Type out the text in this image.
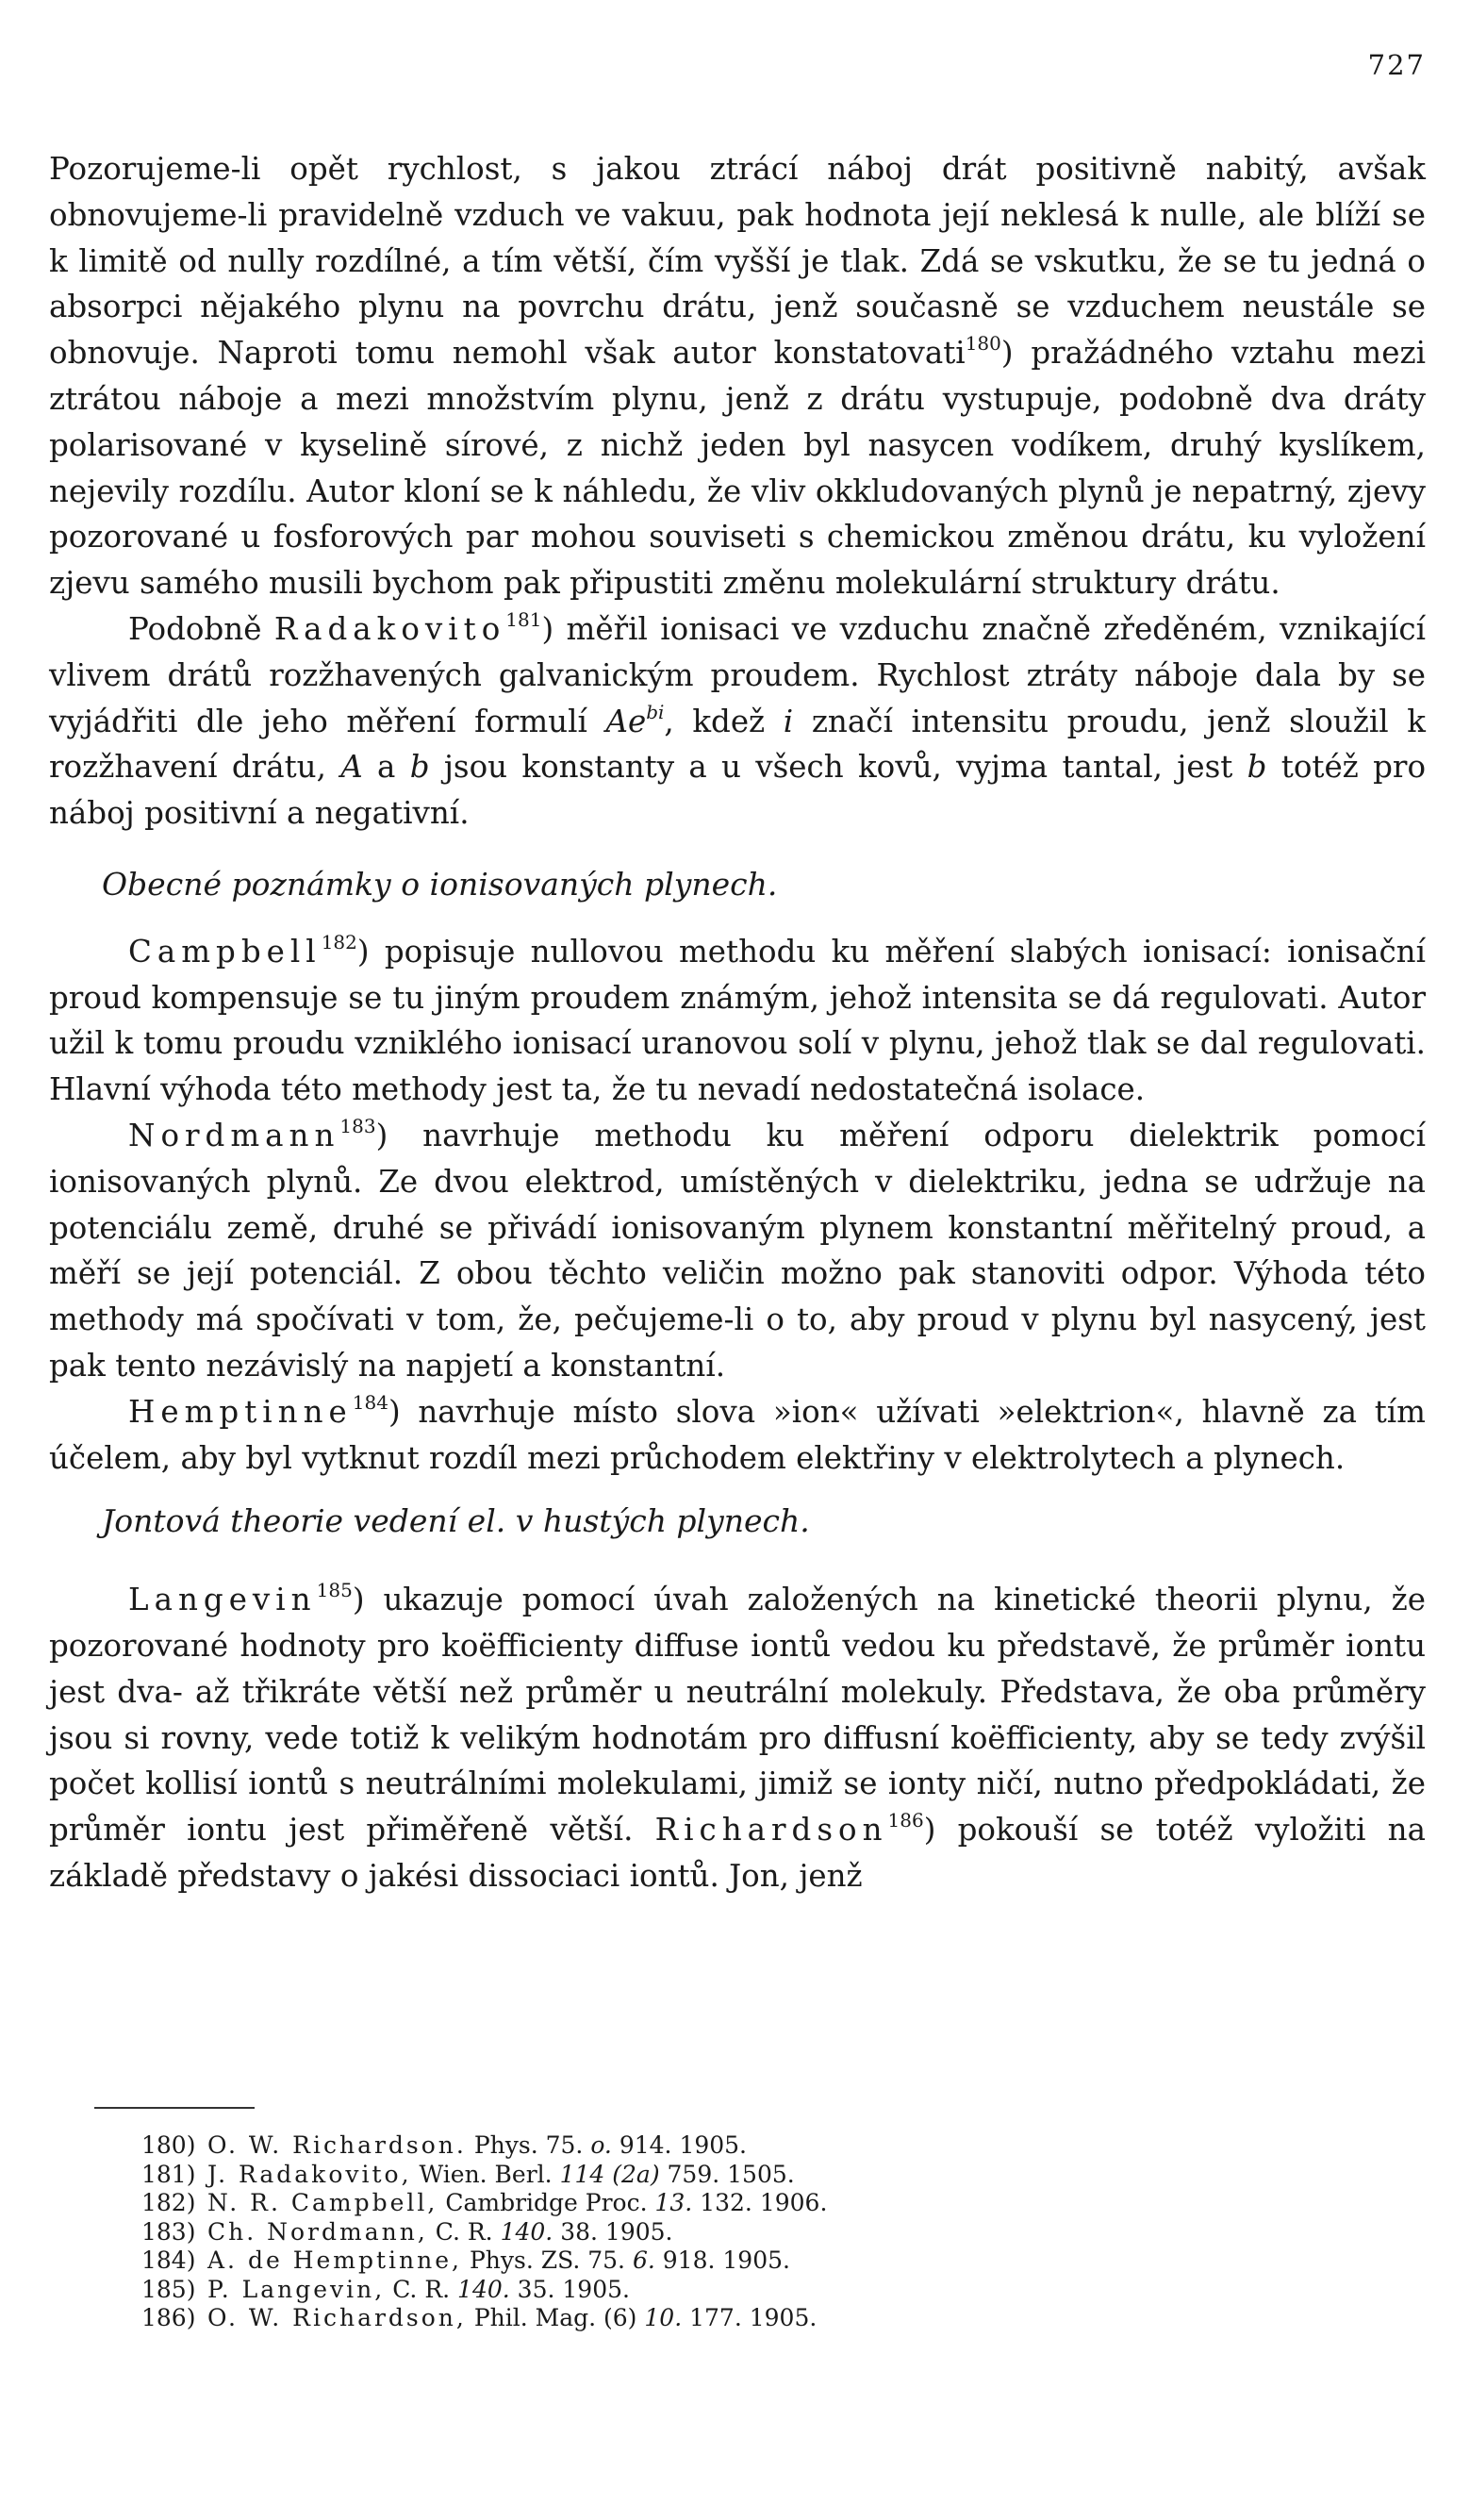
727

Pozorujeme-li opět rychlost, s jakou ztrácí náboj drát positivně nabitý, avšak obnovujeme-li pravidelně vzduch ve vakuu, pak hodnota její neklesá k nulle, ale blíží se k limitě od nully rozdílné, a tím větší, čím vyšší je tlak. Zdá se vskutku, že se tu jedná o absorpci nějakého plynu na povrchu drátu, jenž současně se vzduchem neustále se obnovuje. Naproti tomu nemohl však autor konstatovati$^{180}$) pražádného vztahu mezi ztrátou náboje a mezi množstvím plynu, jenž z drátu vystupuje, podobně dva dráty polarisované v kyselině sírové, z nichž jeden byl nasycen vodíkem, druhý kyslíkem, nejevily rozdílu. Autor kloní se k náhledu, že vliv okkludovaných plynů je nepatrný, zjevy pozorované u fosforových par mohou souviseti s chemickou změnou drátu, ku vyložení zjevu samého musili bychom pak připustiti změnu molekulární struktury drátu.

Podobně Radakovito$^{181}$) měřil ionisaci ve vzduchu značně zředěném, vznikající vlivem drátů rozžhavených galvanickým proudem. Rychlost ztráty náboje dala by se vyjádřiti dle jeho měření formulí $Ae^{bi}$, kdež i značí intensitu proudu, jenž sloužil k rozžhavení drátu, A a b jsou konstanty a u všech kovů, vyjma tantal, jest b totéž pro náboj positivní a negativní.

Obecné poznámky o ionisovaných plynech.

Campbell$^{182}$) popisuje nullovou methodu ku měření slabých ionisací: ionisační proud kompensuje se tu jiným proudem známým, jehož intensita se dá regulovati. Autor užil k tomu proudu vzniklého ionisací uranovou solí v plynu, jehož tlak se dal regulovati. Hlavní výhoda této methody jest ta, že tu nevadí nedostatečná isolace.

Nordmann$^{183}$) navrhuje methodu ku měření odporu dielektrik pomocí ionisovaných plynů. Ze dvou elektrod, umístěných v dielektriku, jedna se udržuje na potenciálu země, druhé se přivádí ionisovaným plynem konstantní měřitelný proud, a měří se její potenciál. Z obou těchto veličin možno pak stanoviti odpor. Výhoda této methody má spočívati v tom, že, pečujeme-li o to, aby proud v plynu byl nasycený, jest pak tento nezávislý na napjetí a konstantní.

Hemptinne$^{184}$) navrhuje místo slova »ion« užívati »elektrion«, hlavně za tím účelem, aby byl vytknut rozdíl mezi průchodem elektřiny v elektrolytech a plynech.

Jontová theorie vedení el. v hustých plynech.

Langevin$^{185}$) ukazuje pomocí úvah založených na kinetické theorii plynu, že pozorované hodnoty pro koëfficienty diffuse iontů vedou ku představě, že průměr iontu jest dva- až třikráte větší než průměr u neutrální molekuly. Představa, že oba průměry jsou si rovny, vede totiž k velikým hodnotám pro diffusní koëfficienty, aby se tedy zvýšil počet kollisí iontů s neutrálními molekulami, jimiž se ionty ničí, nutno předpokládati, že průměr iontu jest přiměřeně větší. Richardson$^{186}$) pokouší se totéž vyložiti na základě představy o jakési dissociaci iontů. Jon, jenž

180) O. W. Richardson. Phys. 75. o. 914. 1905.
181) J. Radakovito, Wien. Berl. 114 (2a) 759. 1505.
182) N. R. Campbell, Cambridge Proc. 13. 132. 1906.
183) Ch. Nordmann, C. R. 140. 38. 1905.
184) A. de Hemptinne, Phys. ZS. 75. 6. 918. 1905.
185) P. Langevin, C. R. 140. 35. 1905.
186) O. W. Richardson, Phil. Mag. (6) 10. 177. 1905.
